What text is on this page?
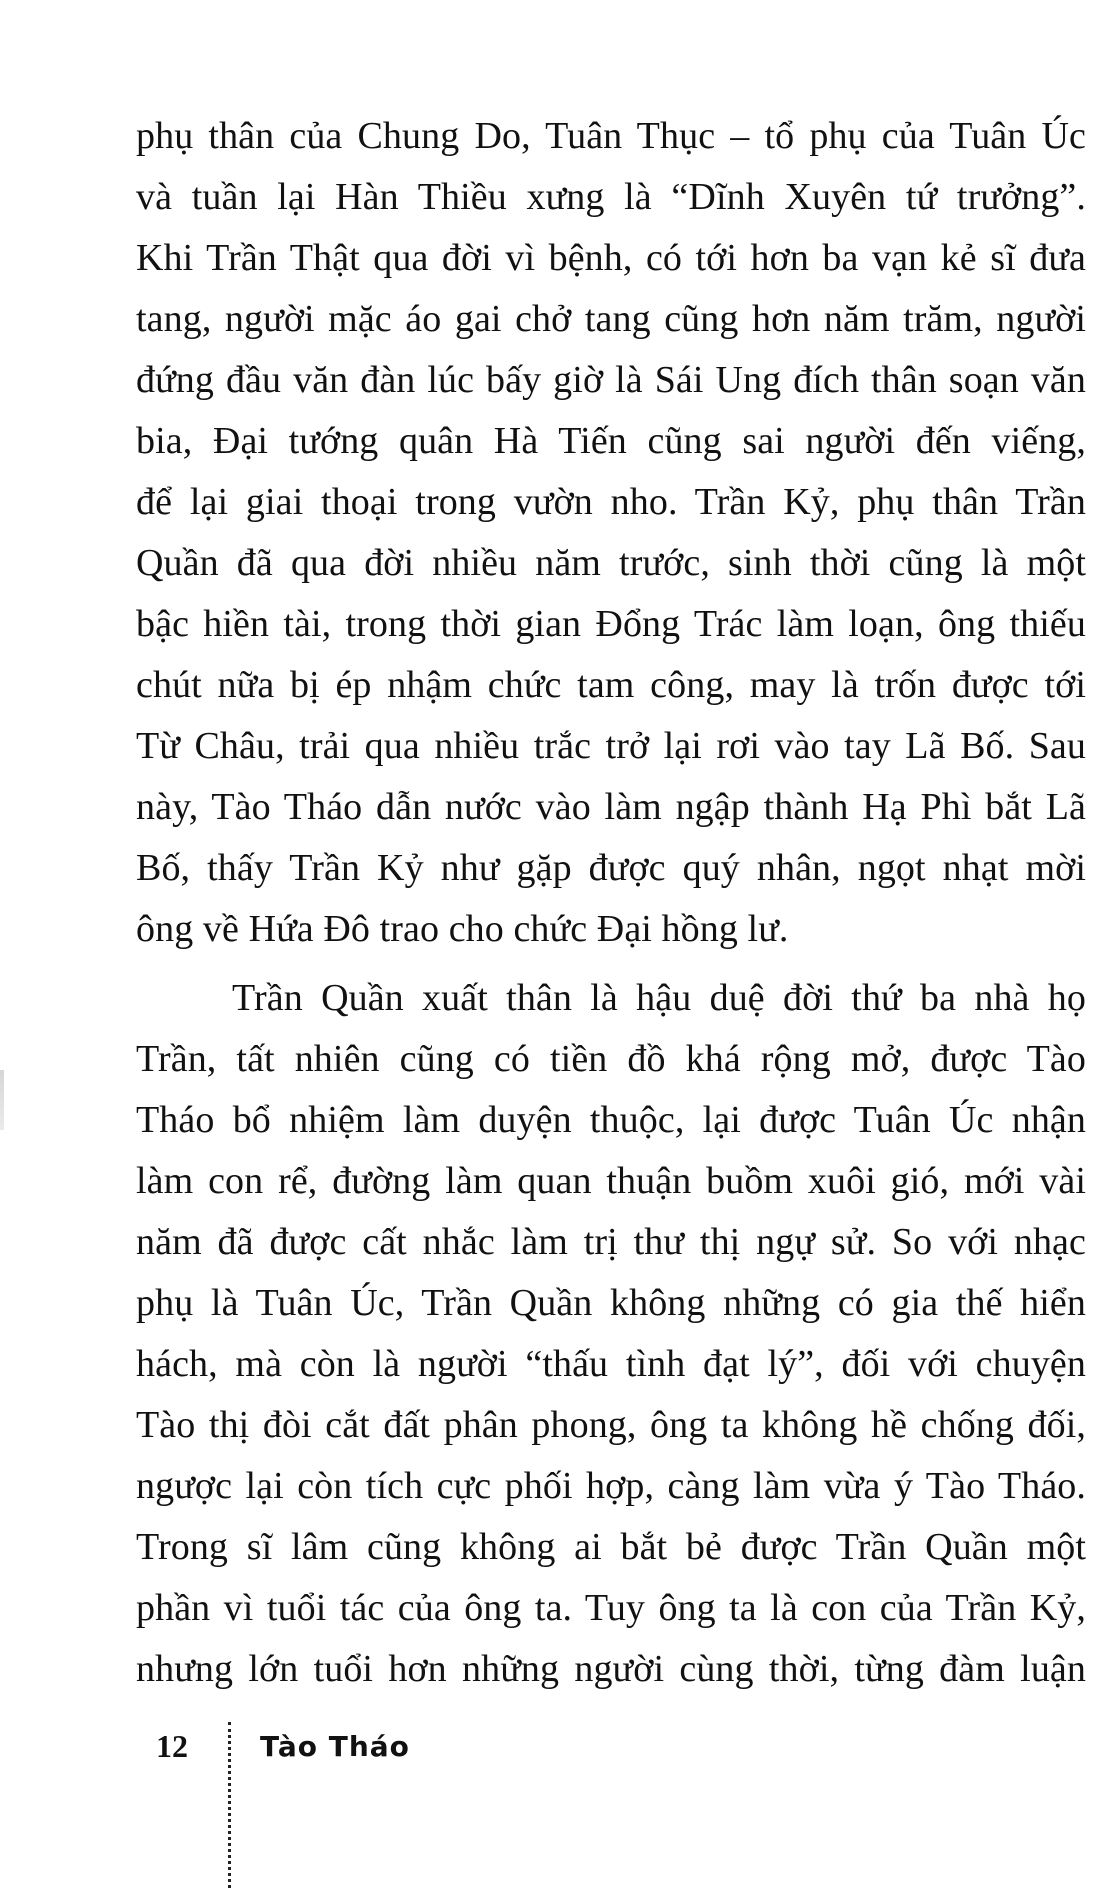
phụ thân của Chung Do, Tuân Thục – tổ phụ của Tuân Úc
và tuần lại Hàn Thiều xưng là “Dĩnh Xuyên tứ trưởng”.
Khi Trần Thật qua đời vì bệnh, có tới hơn ba vạn kẻ sĩ đưa
tang, người mặc áo gai chở tang cũng hơn năm trăm, người
đứng đầu văn đàn lúc bấy giờ là Sái Ung đích thân soạn văn
bia, Đại tướng quân Hà Tiến cũng sai người đến viếng,
để lại giai thoại trong vườn nho. Trần Kỷ, phụ thân Trần
Quần đã qua đời nhiều năm trước, sinh thời cũng là một
bậc hiền tài, trong thời gian Đổng Trác làm loạn, ông thiếu
chút nữa bị ép nhậm chức tam công, may là trốn được tới
Từ Châu, trải qua nhiều trắc trở lại rơi vào tay Lã Bố. Sau
này, Tào Tháo dẫn nước vào làm ngập thành Hạ Phì bắt Lã
Bố, thấy Trần Kỷ như gặp được quý nhân, ngọt nhạt mời
ông về Hứa Đô trao cho chức Đại hồng lư.
Trần Quần xuất thân là hậu duệ đời thứ ba nhà họ
Trần, tất nhiên cũng có tiền đồ khá rộng mở, được Tào
Tháo bổ nhiệm làm duyện thuộc, lại được Tuân Úc nhận
làm con rể, đường làm quan thuận buồm xuôi gió, mới vài
năm đã được cất nhắc làm trị thư thị ngự sử. So với nhạc
phụ là Tuân Úc, Trần Quần không những có gia thế hiển
hách, mà còn là người “thấu tình đạt lý”, đối với chuyện
Tào thị đòi cắt đất phân phong, ông ta không hề chống đối,
ngược lại còn tích cực phối hợp, càng làm vừa ý Tào Tháo.
Trong sĩ lâm cũng không ai bắt bẻ được Trần Quần một
phần vì tuổi tác của ông ta. Tuy ông ta là con của Trần Kỷ,
nhưng lớn tuổi hơn những người cùng thời, từng đàm luận
12	Tào Tháo
